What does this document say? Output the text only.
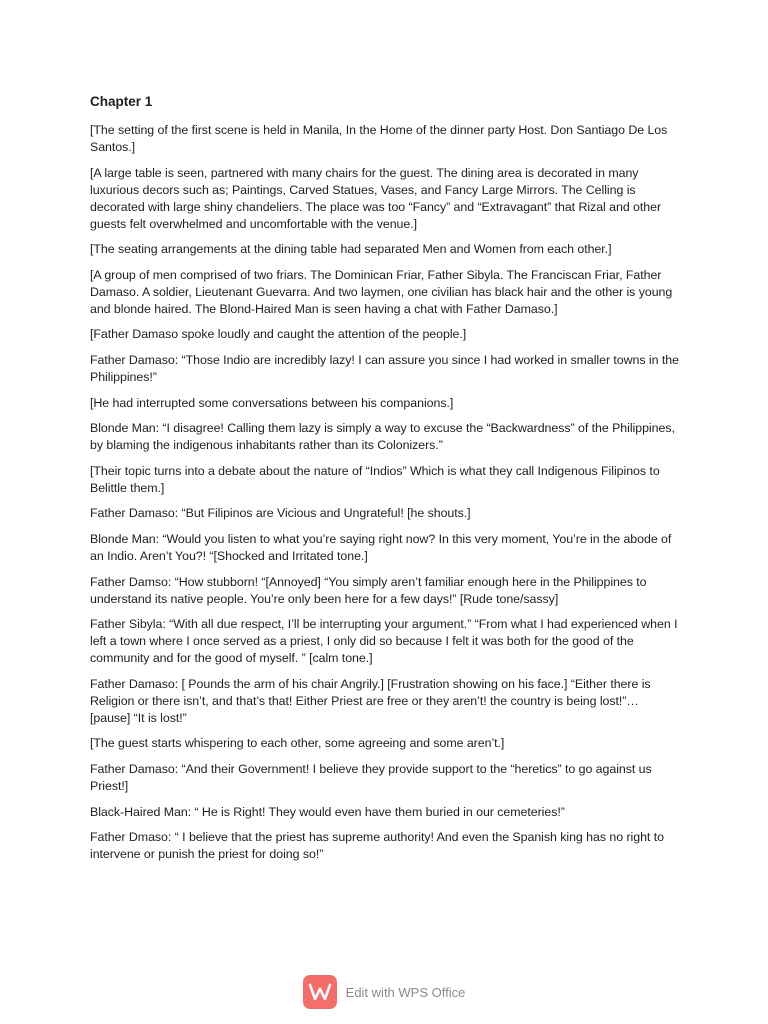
Chapter 1

[The setting of the first scene is held in Manila, In the Home of the dinner party Host. Don Santiago De Los Santos.]

[A large table is seen, partnered with many chairs for the guest. The dining area is decorated in many luxurious decors such as; Paintings, Carved Statues, Vases, and Fancy Large Mirrors. The Celling is decorated with large shiny chandeliers. The place was too “Fancy” and “Extravagant” that Rizal and other guests felt overwhelmed and uncomfortable with the venue.]

[The seating arrangements at the dining table had separated Men and Women from each other.]

[A group of men comprised of two friars. The Dominican Friar, Father Sibyla. The Franciscan Friar, Father Damaso. A soldier, Lieutenant Guevarra. And two laymen, one civilian has black hair and the other is young and blonde haired. The Blond-Haired Man is seen having a chat with Father Damaso.]

[Father Damaso spoke loudly and caught the attention of the people.]

Father Damaso: “Those Indio are incredibly lazy! I can assure you since I had worked in smaller towns in the Philippines!”

[He had interrupted some conversations between his companions.]

Blonde Man: “I disagree! Calling them lazy is simply a way to excuse the “Backwardness” of the Philippines, by blaming the indigenous inhabitants rather than its Colonizers.”

[Their topic turns into a debate about the nature of “Indios” Which is what they call Indigenous Filipinos to Belittle them.]

Father Damaso: “But Filipinos are Vicious and Ungrateful! [he shouts.]

Blonde Man: “Would you listen to what you’re saying right now? In this very moment, You’re in the abode of an Indio. Aren’t You?! “[Shocked and Irritated tone.]

Father Damso: “How stubborn! “[Annoyed] “You simply aren’t familiar enough here in the Philippines to understand its native people. You’re only been here for a few days!” [Rude tone/sassy]

Father Sibyla: “With all due respect, I’ll be interrupting your argument.” “From what I had experienced when I left a town where I once served as a priest, I only did so because I felt it was both for the good of the community and for the good of myself. ” [calm tone.]

Father Damaso: [ Pounds the arm of his chair Angrily.] [Frustration showing on his face.] “Either there is Religion or there isn’t, and that’s that! Either Priest are free or they aren’t! the country is being lost!”… [pause] “It is lost!”

[The guest starts whispering to each other, some agreeing and some aren’t.]

Father Damaso: “And their Government! I believe they provide support to the “heretics” to go against us Priest!]

Black-Haired Man: “ He is Right! They would even have them buried in our cemeteries!”

Father Dmaso: “ I believe that the priest has supreme authority! And even the Spanish king has no right to intervene or punish the priest for doing so!”

Edit with WPS Office
